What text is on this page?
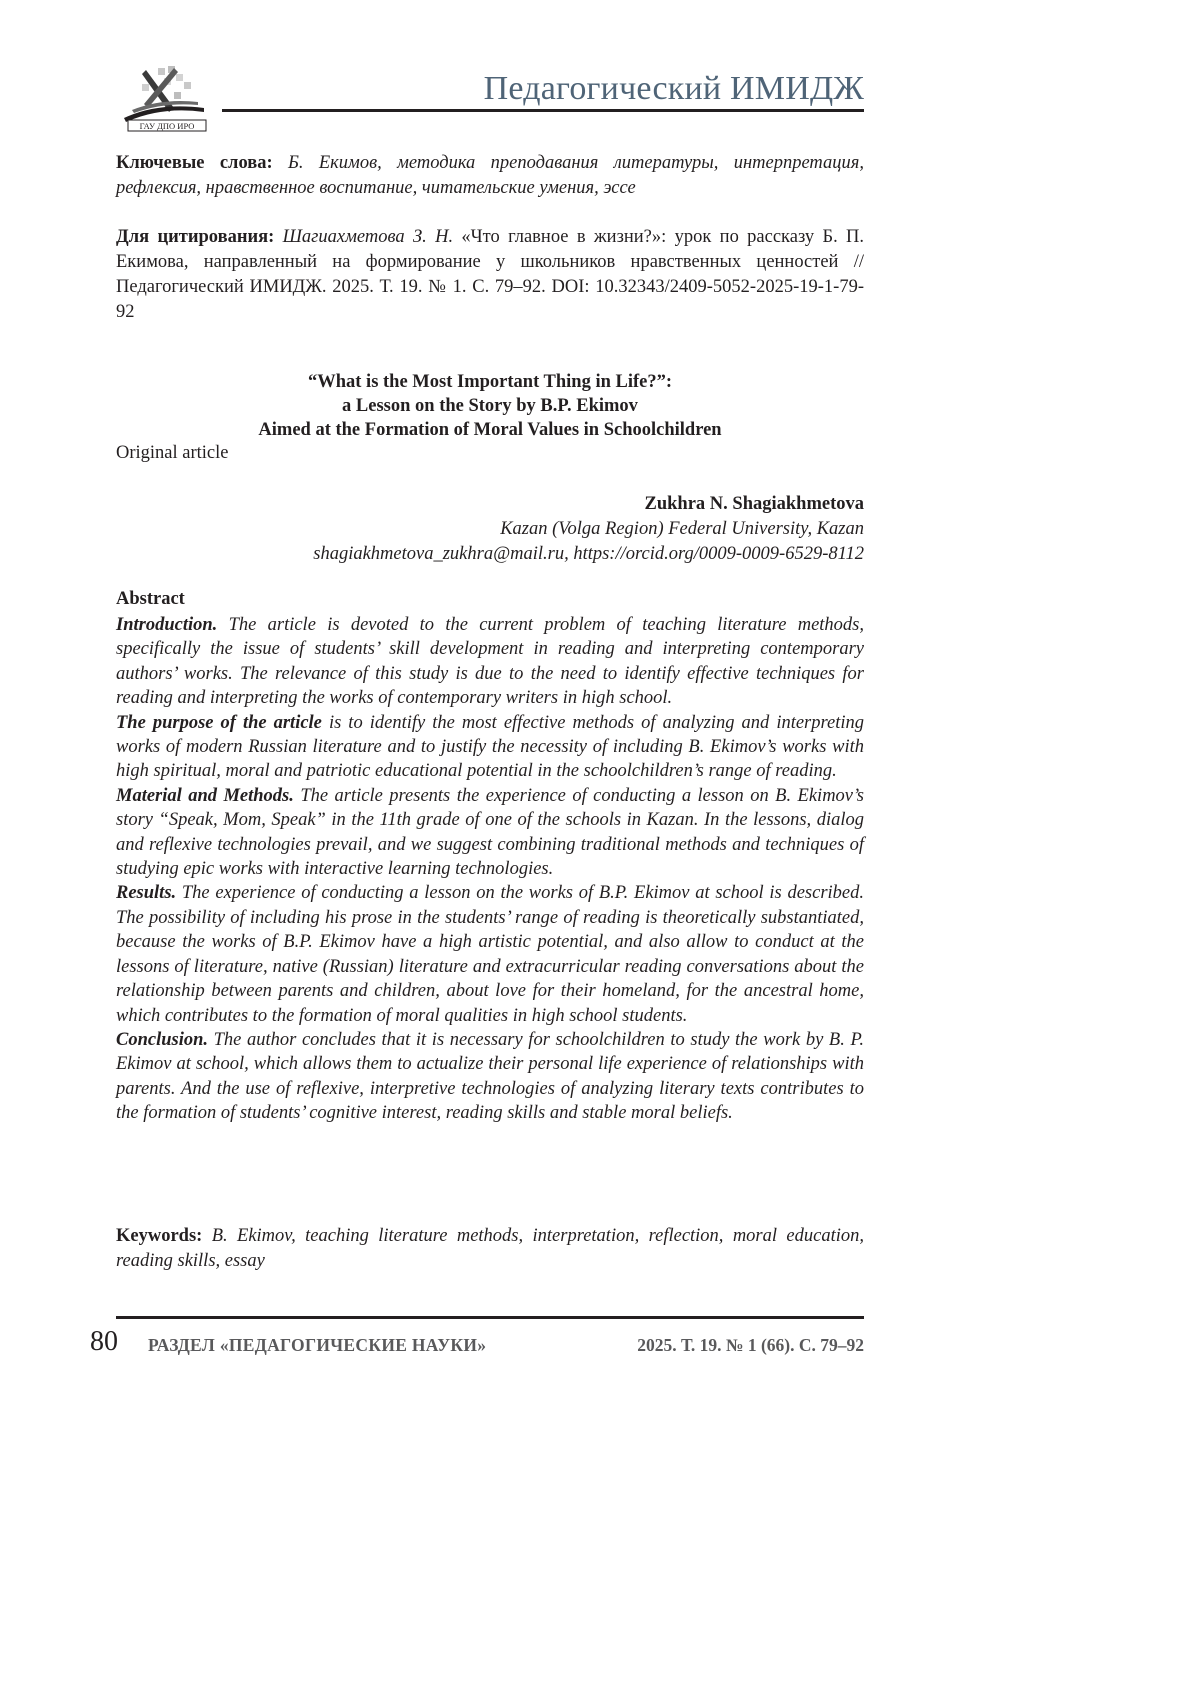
ГАУ ДПО ИРО
Педагогический ИМИДЖ
Ключевые слова: Б. Екимов, методика преподавания литературы, интерпретация, рефлексия, нравственное воспитание, читательские умения, эссе
Для цитирования: Шагиахметова З. Н. «Что главное в жизни?»: урок по рассказу Б. П. Екимова, направленный на формирование у школьников нравственных ценностей // Педагогический ИМИДЖ. 2025. Т. 19. № 1. С. 79–92. DOI: 10.32343/2409-5052-2025-19-1-79-92
“What is the Most Important Thing in Life?”:
a Lesson on the Story by B.P. Ekimov
Aimed at the Formation of Moral Values in Schoolchildren
Original article
Zukhra N. Shagiakhmetova
Kazan (Volga Region) Federal University, Kazan
shagiakhmetova_zukhra@mail.ru, https://orcid.org/0009-0009-6529-8112
Abstract

Introduction. The article is devoted to the current problem of teaching literature methods, specifically the issue of students’ skill development in reading and interpreting contemporary authors’ works. The relevance of this study is due to the need to identify effective techniques for reading and interpreting the works of contemporary writers in high school.

The purpose of the article is to identify the most effective methods of analyzing and interpreting works of modern Russian literature and to justify the necessity of including B. Ekimov’s works with high spiritual, moral and patriotic educational potential in the schoolchildren’s range of reading.

Material and Methods. The article presents the experience of conducting a lesson on B. Ekimov’s story “Speak, Mom, Speak” in the 11th grade of one of the schools in Kazan. In the lessons, dialog and reflexive technologies prevail, and we suggest combining traditional methods and techniques of studying epic works with interactive learning technologies.

Results. The experience of conducting a lesson on the works of B.P. Ekimov at school is described. The possibility of including his prose in the students’ range of reading is theoretically substantiated, because the works of B.P. Ekimov have a high artistic potential, and also allow to conduct at the lessons of literature, native (Russian) literature and extracurricular reading conversations about the relationship between parents and children, about love for their homeland, for the ancestral home, which contributes to the formation of moral qualities in high school students.

Conclusion. The author concludes that it is necessary for schoolchildren to study the work by B. P. Ekimov at school, which allows them to actualize their personal life experience of relationships with parents. And the use of reflexive, interpretive technologies of analyzing literary texts contributes to the formation of students’ cognitive interest, reading skills and stable moral beliefs.

Keywords: B. Ekimov, teaching literature methods, interpretation, reflection, moral education, reading skills, essay
80 РАЗДЕЛ «ПЕДАГОГИЧЕСКИЕ НАУКИ»	2025. Т. 19. № 1 (66). С. 79–92
